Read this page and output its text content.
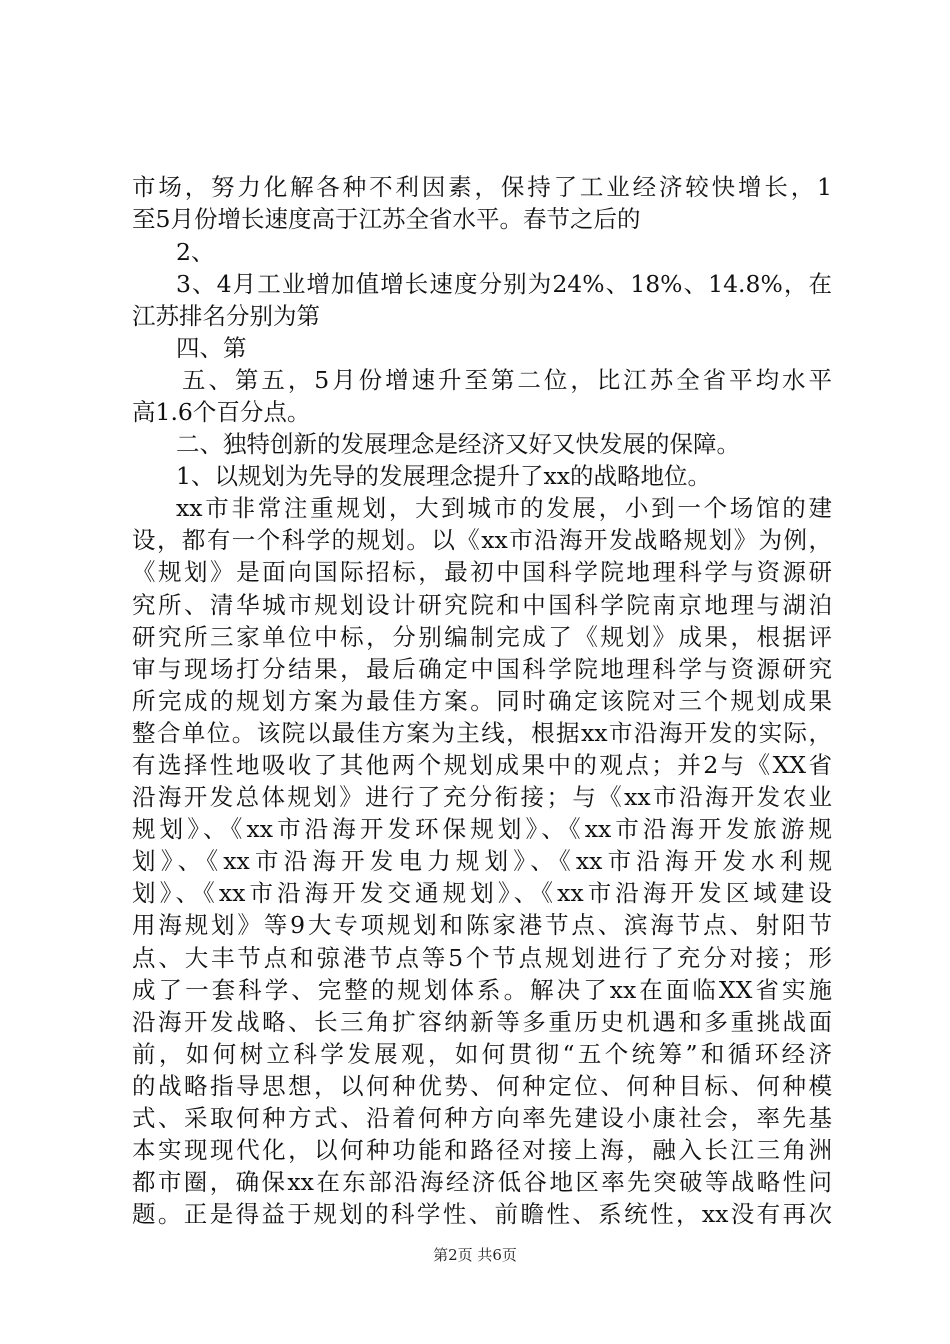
市场，努力化解各种不利因素，保持了工业经济较快增长，1
至5月份增长速度高于江苏全省水平。春节之后的
2、
3、4月工业增加值增长速度分别为24%、18%、14.8%，在
江苏排名分别为第
四、第
五、第五，5月份增速升至第二位，比江苏全省平均水平
高1.6个百分点。
二、独特创新的发展理念是经济又好又快发展的保障。
1、以规划为先导的发展理念提升了xx的战略地位。
xx市非常注重规划，大到城市的发展，小到一个场馆的建
设，都有一个科学的规划。以《xx市沿海开发战略规划》为例，
《规划》是面向国际招标，最初中国科学院地理科学与资源研
究所、清华城市规划设计研究院和中国科学院南京地理与湖泊
研究所三家单位中标，分别编制完成了《规划》成果，根据评
审与现场打分结果，最后确定中国科学院地理科学与资源研究
所完成的规划方案为最佳方案。同时确定该院对三个规划成果
整合单位。该院以最佳方案为主线，根据xx市沿海开发的实际，
有选择性地吸收了其他两个规划成果中的观点；并2与《XX省
沿海开发总体规划》进行了充分衔接；与《xx市沿海开发农业
规划》、《xx市沿海开发环保规划》、《xx市沿海开发旅游规
划》、《xx市沿海开发电力规划》、《xx市沿海开发水利规
划》、《xx市沿海开发交通规划》、《xx市沿海开发区域建设
用海规划》等9大专项规划和陈家港节点、滨海节点、射阳节
点、大丰节点和弶港节点等5个节点规划进行了充分对接；形
成了一套科学、完整的规划体系。解决了xx在面临XX省实施
沿海开发战略、长三角扩容纳新等多重历史机遇和多重挑战面
前，如何树立科学发展观，如何贯彻“五个统筹”和循环经济
的战略指导思想，以何种优势、何种定位、何种目标、何种模
式、采取何种方式、沿着何种方向率先建设小康社会，率先基
本实现现代化，以何种功能和路径对接上海，融入长江三角洲
都市圈，确保xx在东部沿海经济低谷地区率先突破等战略性问
题。正是得益于规划的科学性、前瞻性、系统性，xx没有再次
第2页 共6页
